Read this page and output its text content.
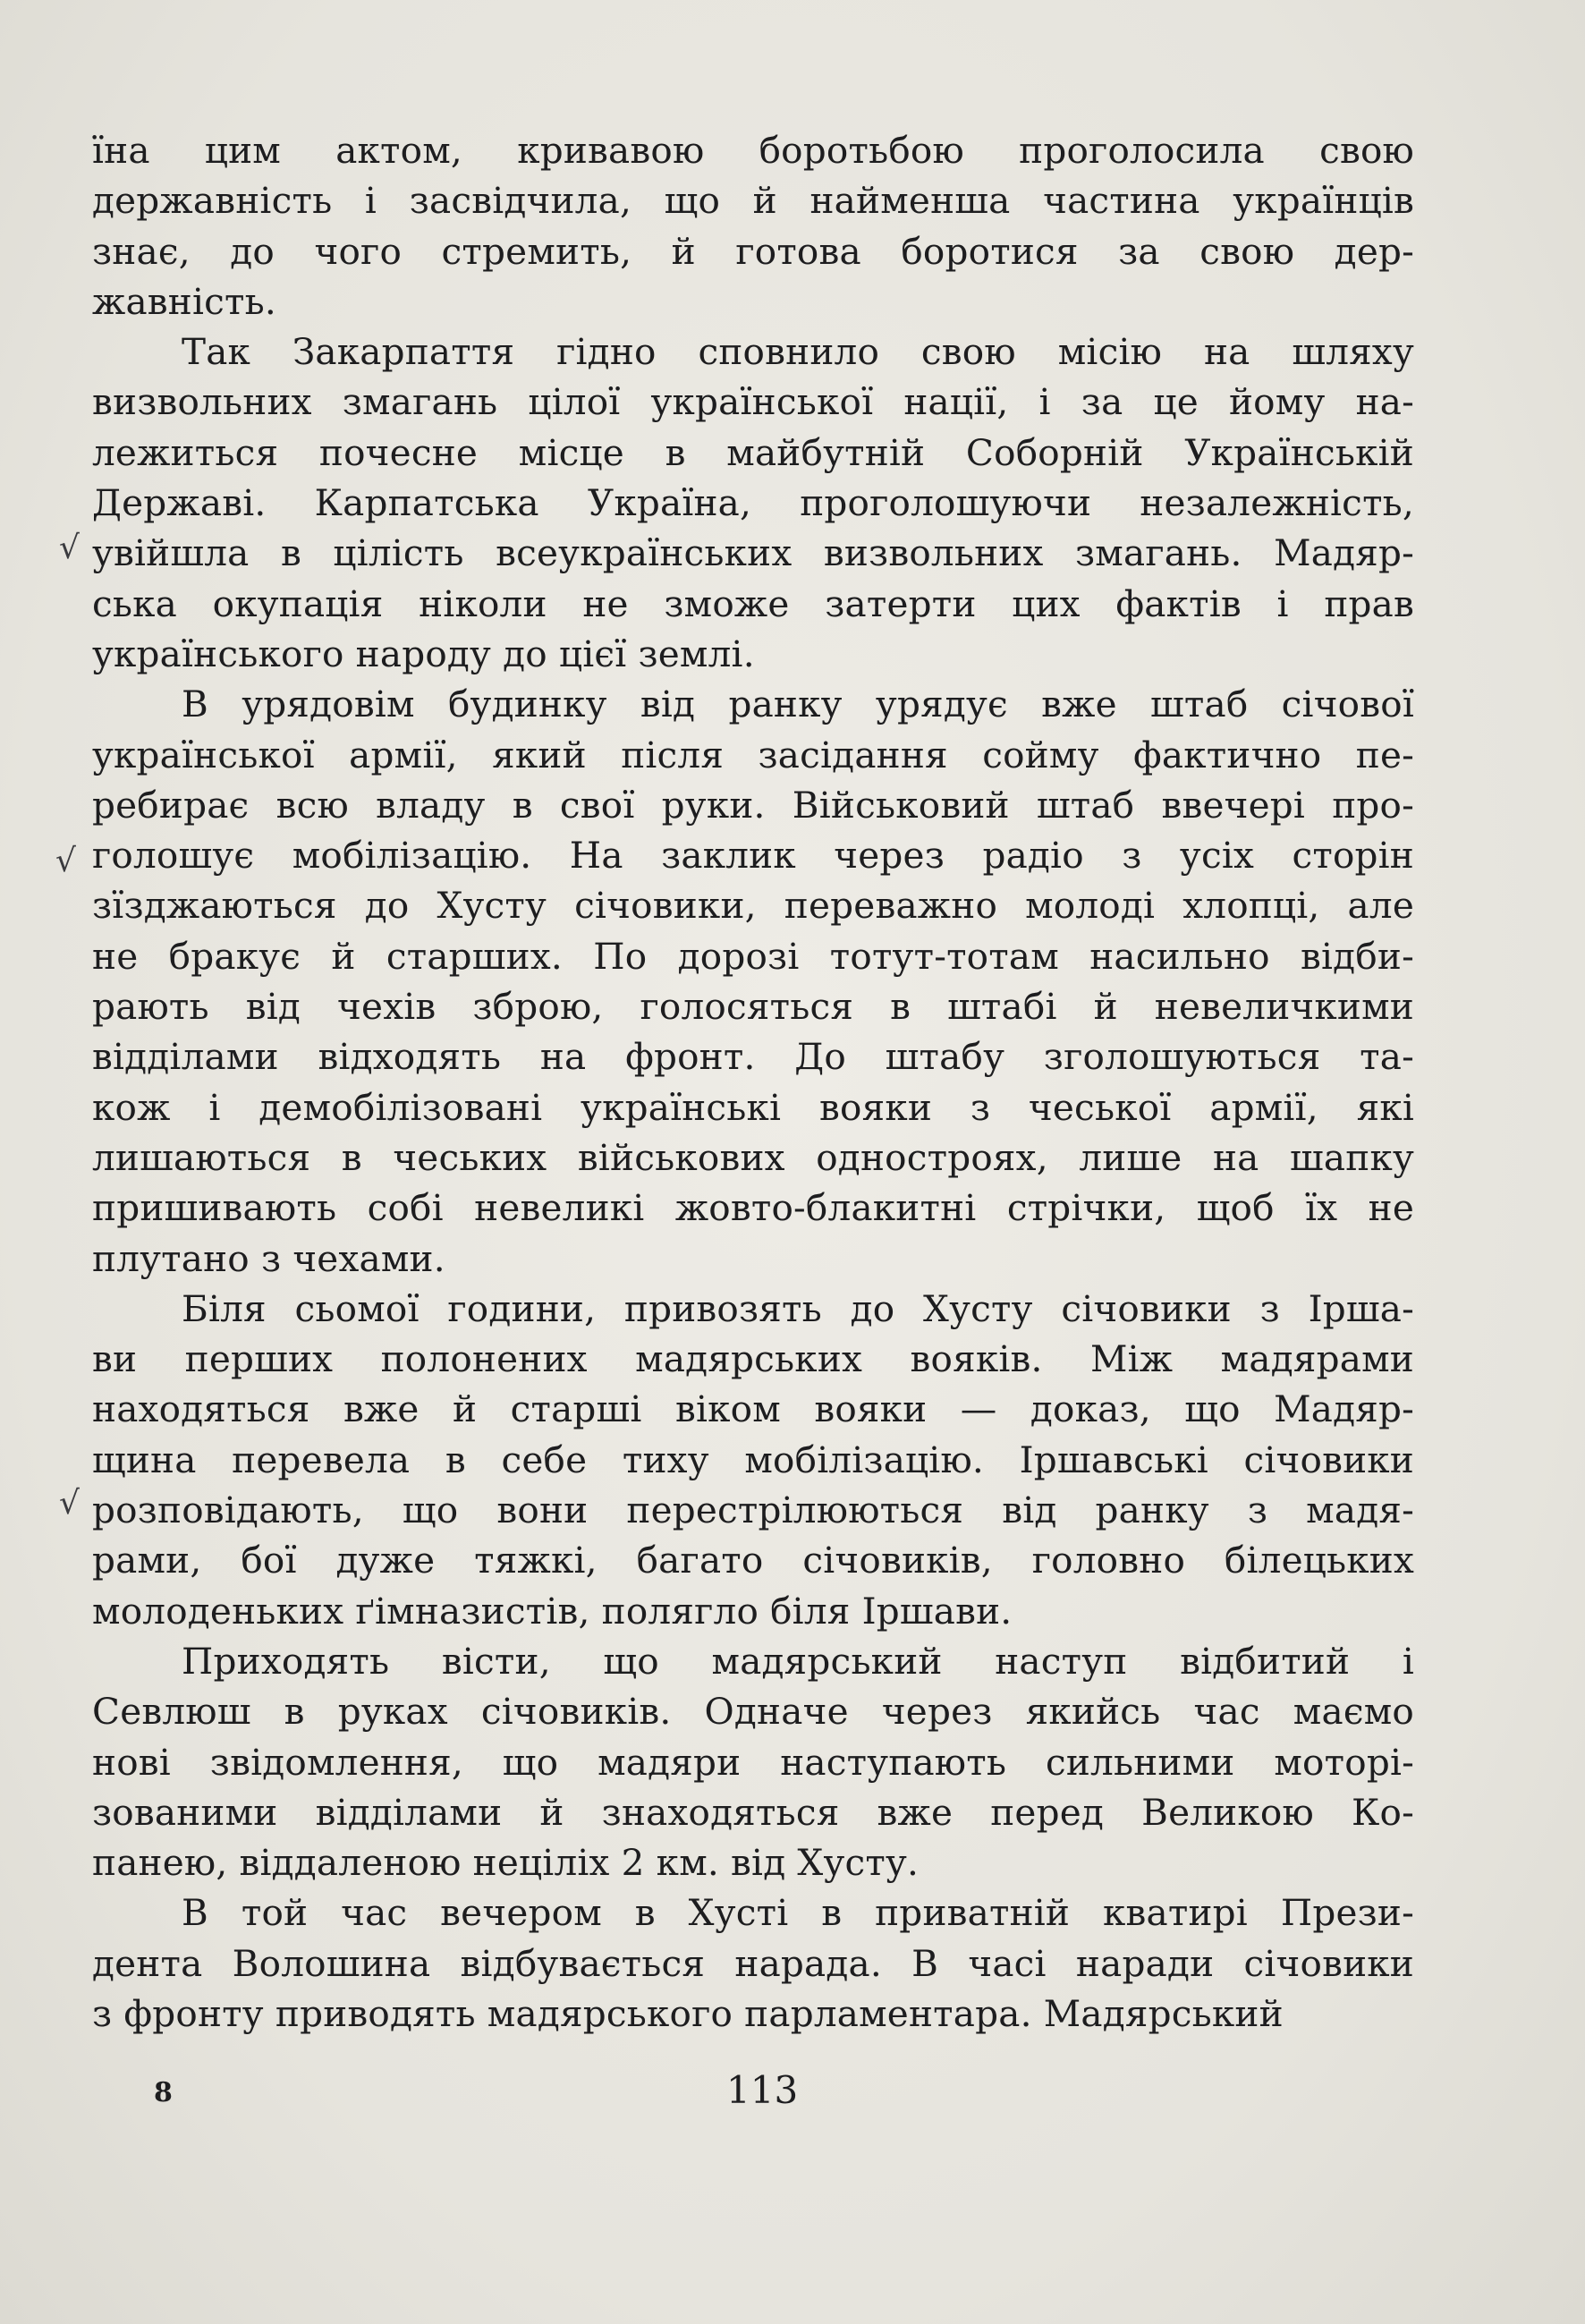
їна цим актом, кривавою боротьбою проголосила свою
державність і засвідчила, що й найменша частина українців
знає, до чого стремить, й готова боротися за свою дер-
жавність.
Так Закарпаття гідно сповнило свою місію на шляху
визвольних змагань цілої української нації, і за це йому на-
лежиться почесне місце в майбутній Соборній Українській
Державі. Карпатська Україна, проголошуючи незалежність,
увійшла в цілість всеукраїнських визвольних змагань. Мадяр-
ська окупація ніколи не зможе затерти цих фактів і прав
українського народу до цієї землі.
В урядовім будинку від ранку урядує вже штаб січової
української армії, який після засідання сойму фактично пе-
ребирає всю владу в свої руки. Військовий штаб ввечері про-
голошує мобілізацію. На заклик через радіо з усіх сторін
зїзджаються до Хусту січовики, переважно молоді хлопці, але
не бракує й старших. По дорозі тотут-тотам насильно відби-
рають від чехів зброю, голосяться в штабі й невеличкими
відділами відходять на фронт. До штабу зголошуються та-
кож і демобілізовані українські вояки з чеської армії, які
лишаються в чеських військових одностроях, лише на шапку
пришивають собі невеликі жовто-блакитні стрічки, щоб їх не
плутано з чехами.
Біля сьомої години, привозять до Хусту січовики з Ірша-
ви перших полонених мадярських вояків. Між мадярами
находяться вже й старші віком вояки — доказ, що Мадяр-
щина перевела в себе тиху мобілізацію. Іршавські січовики
розповідають, що вони перестрілюються від ранку з мадя-
рами, бої дуже тяжкі, багато січовиків, головно білецьких
молоденьких ґімназистів, полягло біля Іршави.
Приходять вісти, що мадярський наступ відбитий і
Севлюш в руках січовиків. Одначе через якийсь час маємо
нові звідомлення, що мадяри наступають сильними моторі-
зованими відділами й знаходяться вже перед Великою Ко-
панею, віддаленою неціліх 2 км. від Хусту.
В той час вечером в Хусті в приватній кватирі Прези-
дента Волошина відбувається нарада. В часі наради січовики
з фронту приводять мадярського парламентара. Мадярський
√
√
√
8	113
